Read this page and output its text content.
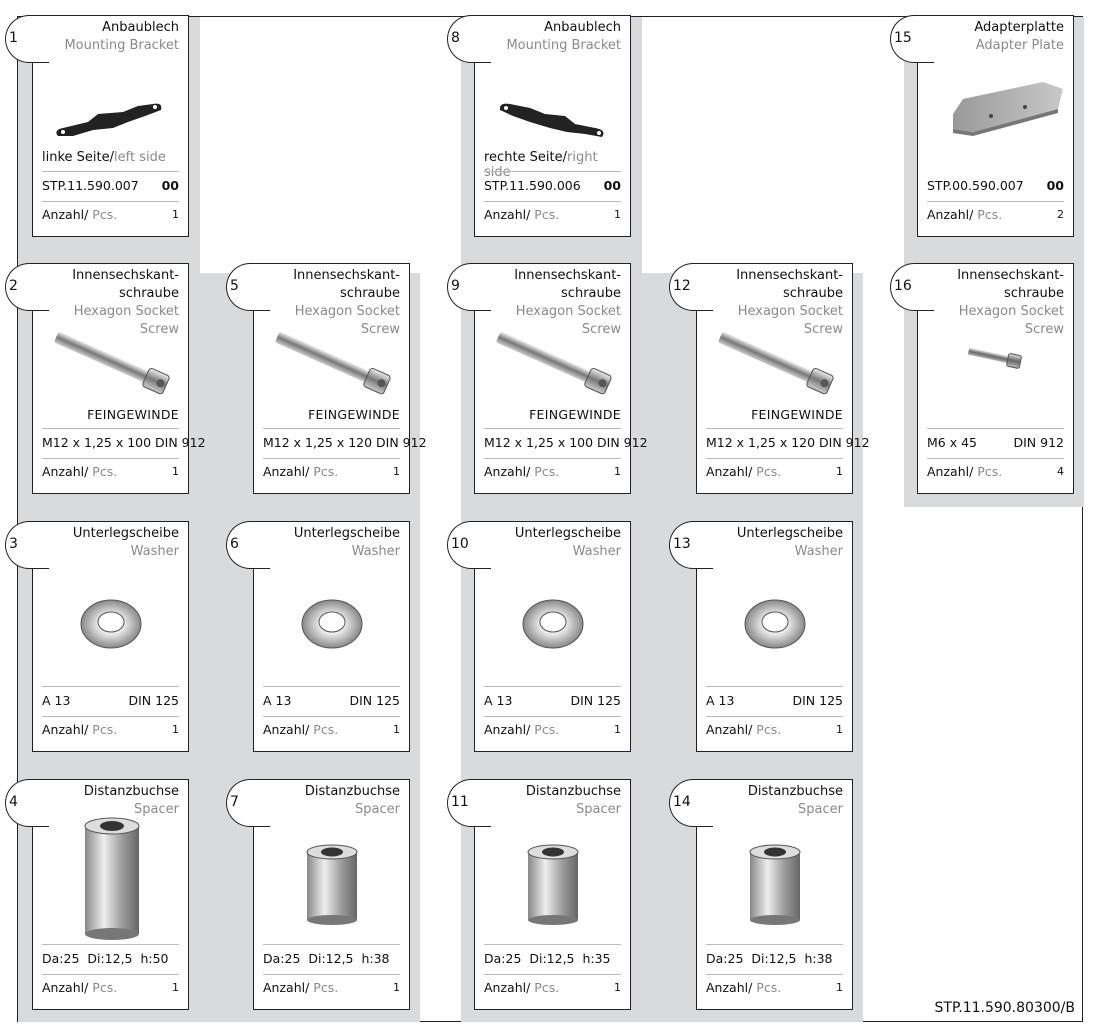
1
Anbaublech
Mounting Bracket
linke Seite/left side
STP.11.590.007 00
Anzahl/ Pcs.	1
8
Anbaublech
Mounting Bracket
rechte Seite/right side
STP.11.590.006 00
Anzahl/ Pcs.	1
15
Adapterplatte
Adapter Plate
STP.00.590.007 00
Anzahl/ Pcs.	2
2
Innensechskant-
schraube
Hexagon Socket Screw
FEINGEWINDE
M12 x 1,25 x 100 DIN 912
Anzahl/ Pcs.	1
5
Innensechskant-
schraube
Hexagon Socket Screw
FEINGEWINDE
M12 x 1,25 x 120 DIN 912
Anzahl/ Pcs.	1
9
Innensechskant-
schraube
Hexagon Socket Screw
FEINGEWINDE
M12 x 1,25 x 100 DIN 912
Anzahl/ Pcs.	1
12
Innensechskant-
schraube
Hexagon Socket Screw
FEINGEWINDE
M12 x 1,25 x 120 DIN 912
Anzahl/ Pcs.	1
16
Innensechskant-
schraube
Hexagon Socket Screw
M6 x 45	DIN 912
Anzahl/ Pcs.	4
3
Unterlegscheibe
Washer
A 13	DIN 125
Anzahl/ Pcs.	1
6
Unterlegscheibe
Washer
A 13	DIN 125
Anzahl/ Pcs.	1
10
Unterlegscheibe
Washer
A 13	DIN 125
Anzahl/ Pcs.	1
13
Unterlegscheibe
Washer
A 13	DIN 125
Anzahl/ Pcs.	1
4
Distanzbuchse
Spacer
Da:25  Di:12,5  h:50
Anzahl/ Pcs.	1
7
Distanzbuchse
Spacer
Da:25  Di:12,5  h:38
Anzahl/ Pcs.	1
11
Distanzbuchse
Spacer
Da:25  Di:12,5  h:35
Anzahl/ Pcs.	1
14
Distanzbuchse
Spacer
Da:25  Di:12,5  h:38
Anzahl/ Pcs.	1
STP.11.590.80300/B
